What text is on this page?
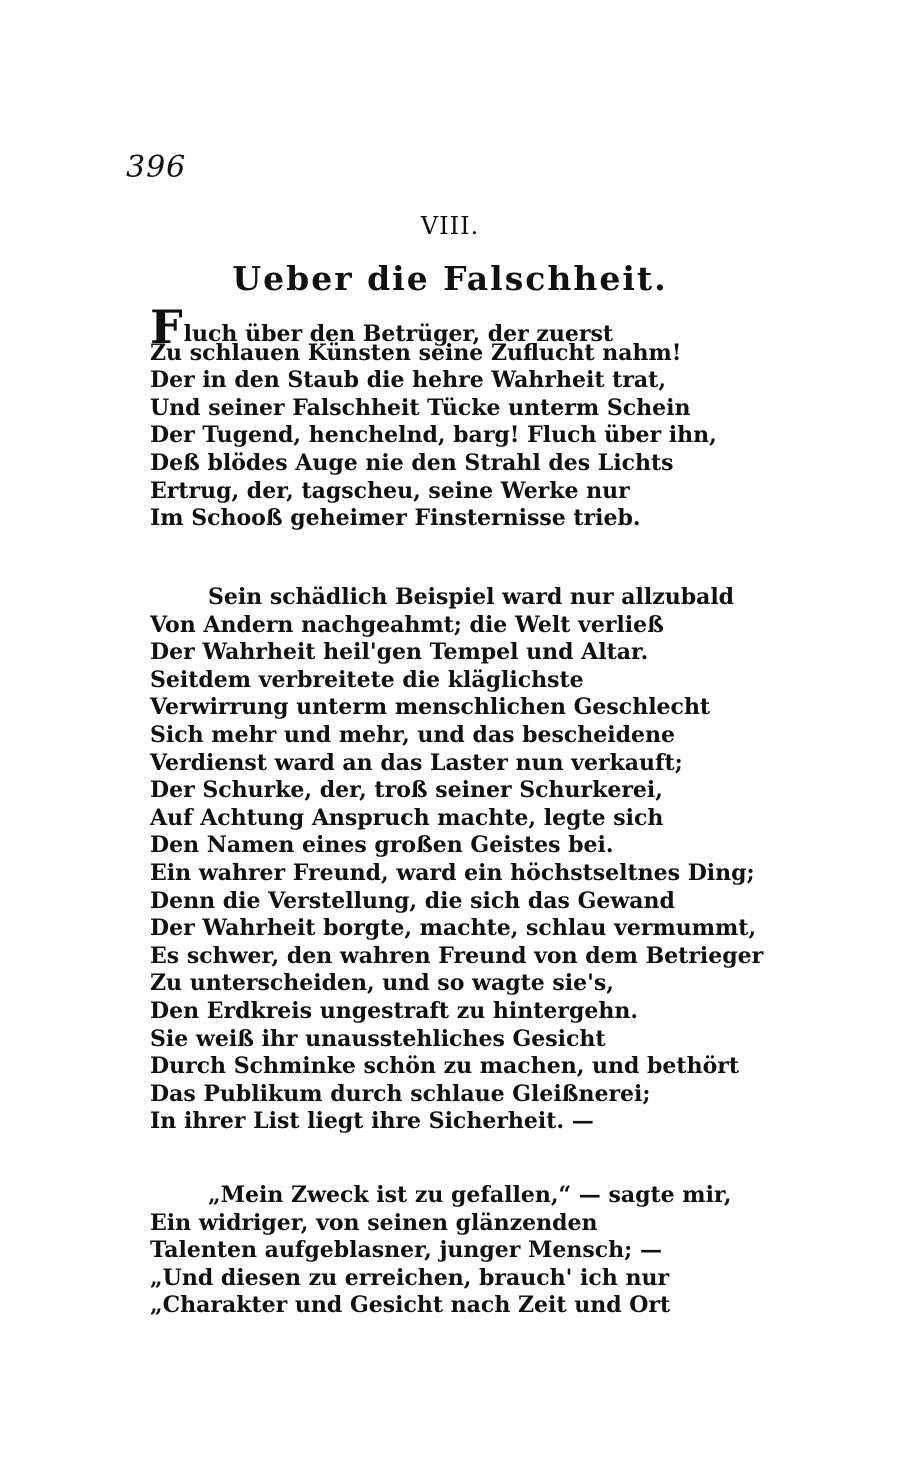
396
VIII.
Ueber die Falschheit.
Fluch über den Betrüger, der zuerst
Zu schlauen Künsten seine Zuflucht nahm!
Der in den Staub die hehre Wahrheit trat,
Und seiner Falschheit Tücke unterm Schein
Der Tugend, henchelnd, barg! Fluch über ihn,
Deß blödes Auge nie den Strahl des Lichts
Ertrug, der, tagscheu, seine Werke nur
Im Schooß geheimer Finsternisse trieb.
Sein schädlich Beispiel ward nur allzubald
Von Andern nachgeahmt; die Welt verließ
Der Wahrheit heil'gen Tempel und Altar.
Seitdem verbreitete die kläglichste
Verwirrung unterm menschlichen Geschlecht
Sich mehr und mehr, und das bescheidene
Verdienst ward an das Laster nun verkauft;
Der Schurke, der, troß seiner Schurkerei,
Auf Achtung Anspruch machte, legte sich
Den Namen eines großen Geistes bei.
Ein wahrer Freund, ward ein höchstseltnes Ding;
Denn die Verstellung, die sich das Gewand
Der Wahrheit borgte, machte, schlau vermummt,
Es schwer, den wahren Freund von dem Betrieger
Zu unterscheiden, und so wagte sie's,
Den Erdkreis ungestraft zu hintergehn.
Sie weiß ihr unausstehliches Gesicht
Durch Schminke schön zu machen, und bethört
Das Publikum durch schlaue Gleißnerei;
In ihrer List liegt ihre Sicherheit. —
„Mein Zweck ist zu gefallen,“ — sagte mir,
Ein widriger, von seinen glänzenden
Talenten aufgeblasner, junger Mensch; —
„Und diesen zu erreichen, brauch' ich nur
„Charakter und Gesicht nach Zeit und Ort
